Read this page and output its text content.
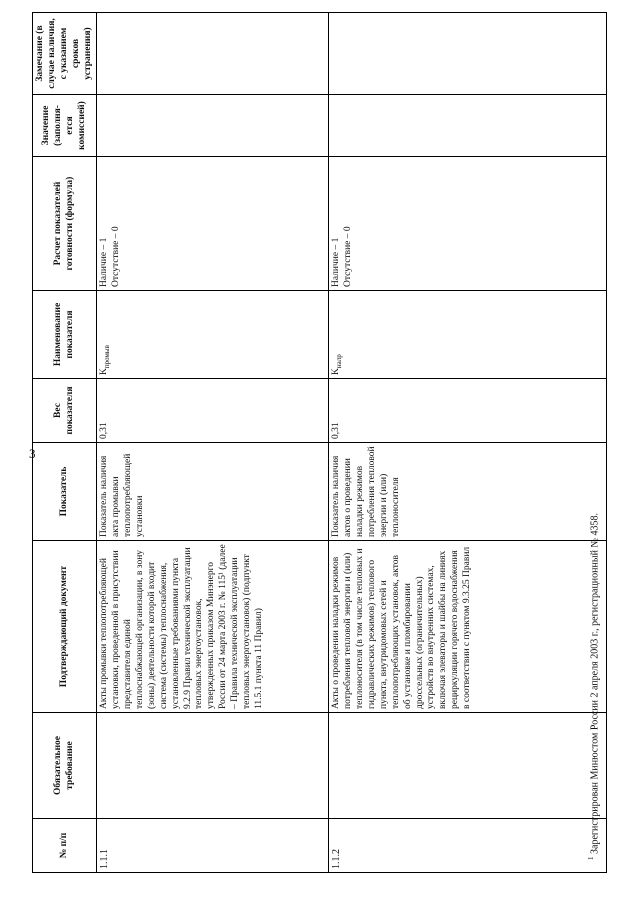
3
№ п/п	Обязательное требование	Подтверждающий документ	Показатель	Вес показателя	Наименование показателя	Расчет показателей готовности (формула)	Значение (заполня-ется комиссией)	Замечание (в случае наличия, с указанием сроков устранения)
1.1.1		Акты промывки теплопотребляющей установки, проведенной в присутствии представителя единой теплоснабжающей организации, в зону (зоны) деятельности которой входит система (системы) теплоснабжения, установленные требованиями пункта 9.2.9 Правил технической эксплуатации тепловых энергоустановок, утвержденных приказом Минэнерго России от 24 марта 2003 г. № 115¹ (далее – Правила технической эксплуатации тепловых энергоустановок) (подпункт 11.5.1 пункта 11 Правил)	Показатель наличия акта промывки теплопотребляющей установки	0,31	$K_{промыв}$	Наличие – 1
Отсутствие – 0		
1.1.2		Акты о проведении наладки режимов потребления тепловой энергии и (или) теплоносителя (в том числе тепловых и гидравлических режимов) теплового пункта, внутридомовых сетей и теплопотребляющих установок, актов об установке и пломбировании дроссельных (ограничительных) устройств во внутренних системах, включая элеваторы и шайбы на линиях рециркуляции горячего водоснабжения в соответствии с пунктом 9.3.25 Правил	Показатель наличия актов о проведении наладки режимов потребления тепловой энергии и (или) теплоносителя	0,31	$K_{налр}$	Наличие – 1
Отсутствие – 0		
$^1$ Зарегистрирован Минюстом России 2 апреля 2003 г., регистрационный № 4358.
